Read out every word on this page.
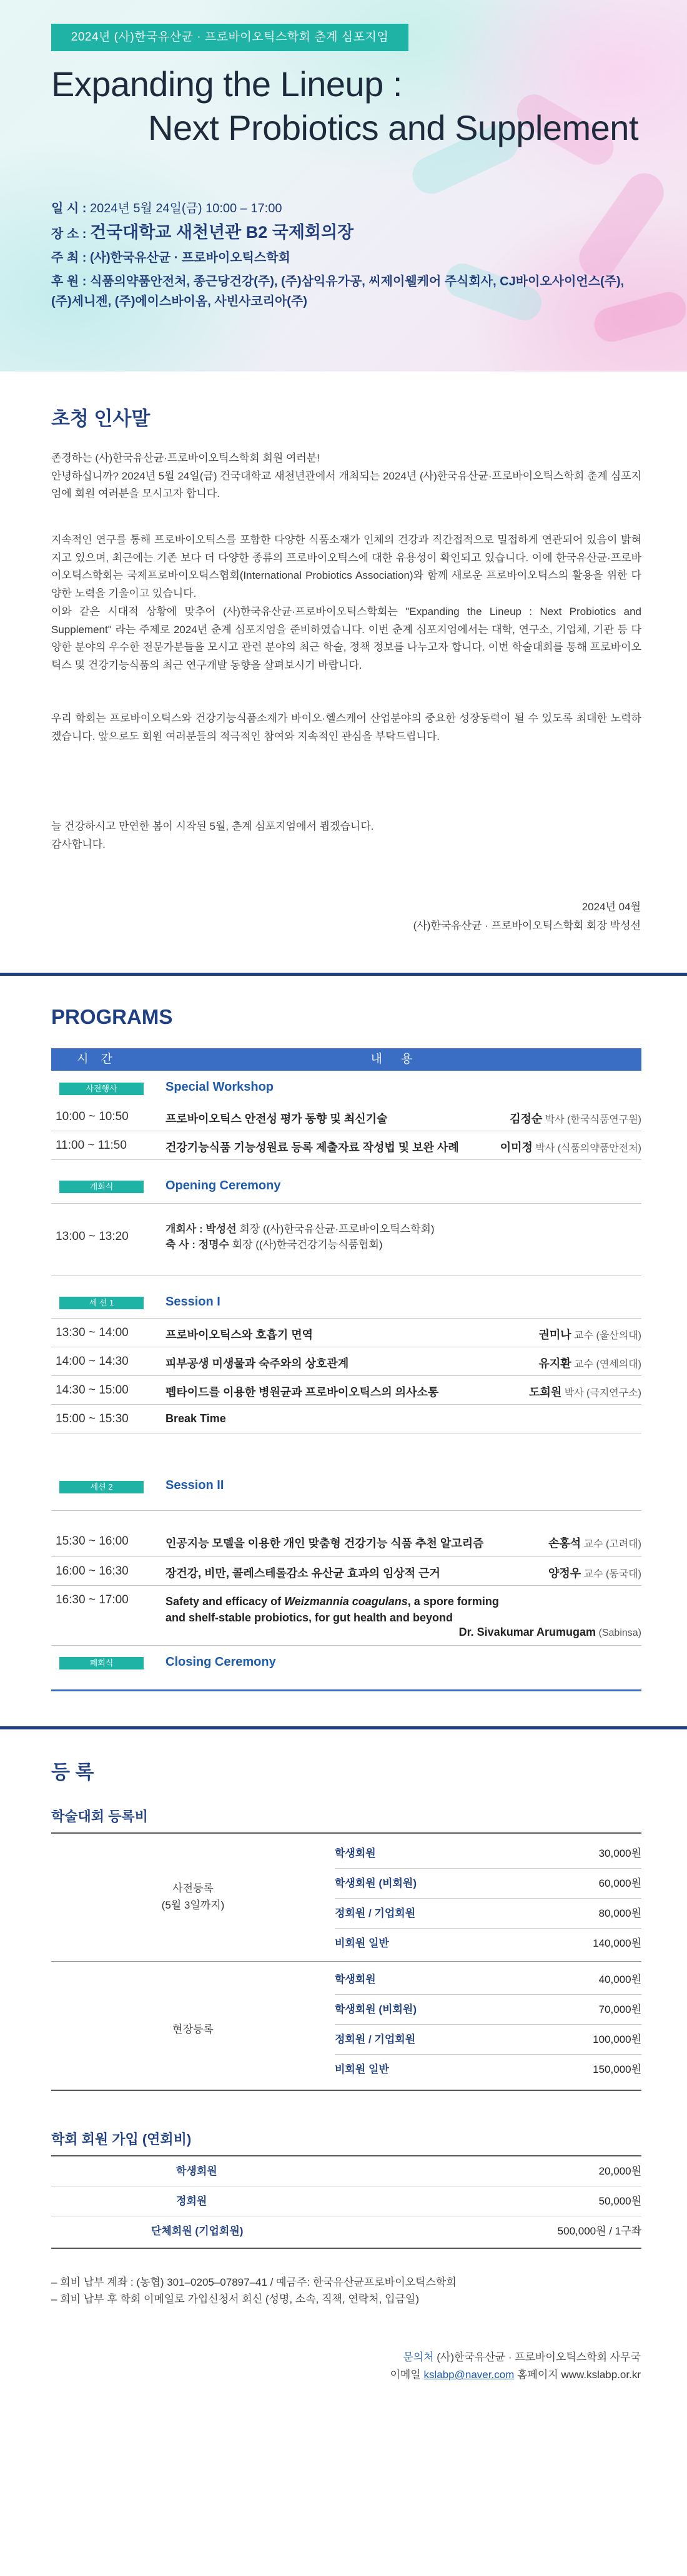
2024년 (사)한국유산균 · 프로바이오틱스학회 춘계 심포지엄
Expanding the Lineup :
Next Probiotics and Supplement
일 시 : 2024년 5월 24일(금) 10:00 – 17:00
장 소 : 건국대학교 새천년관 B2 국제회의장
주 최 : (사)한국유산균 · 프로바이오틱스학회
후 원 : 식품의약품안전처, 종근당건강(주), (주)삼익유가공, 씨제이웰케어 주식회사, CJ바이오사이언스(주),
(주)세니젠, (주)에이스바이옴, 사빈사코리아(주)
초청 인사말
존경하는 (사)한국유산균·프로바이오틱스학회 회원 여러분!
안녕하십니까? 2024년 5월 24일(금) 건국대학교 새천년관에서 개최되는 2024년 (사)한국유산균·프로바이오틱스학회 춘계 심포지엄에 회원 여러분을 모시고자 합니다.
지속적인 연구를 통해 프로바이오틱스를 포함한 다양한 식품소재가 인체의 건강과 직간접적으로 밀접하게 연관되어 있음이 밝혀지고 있으며, 최근에는 기존 보다 더 다양한 종류의 프로바이오틱스에 대한 유용성이 확인되고 있습니다. 이에 한국유산균·프로바이오틱스학회는 국제프로바이오틱스협회(International Probiotics Association)와 함께 새로운 프로바이오틱스의 활용을 위한 다양한 노력을 기울이고 있습니다.
이와 같은 시대적 상황에 맞추어 (사)한국유산균·프로바이오틱스학회는 "Expanding the Lineup : Next Probiotics and Supplement" 라는 주제로 2024년 춘계 심포지엄을 준비하였습니다. 이번 춘계 심포지엄에서는 대학, 연구소, 기업체, 기관 등 다양한 분야의 우수한 전문가분들을 모시고 관련 분야의 최근 학술, 정책 정보를 나누고자 합니다. 이번 학술대회를 통해 프로바이오틱스 및 건강기능식품의 최근 연구개발 동향을 살펴보시기 바랍니다.
우리 학회는 프로바이오틱스와 건강기능식품소재가 바이오·헬스케어 산업분야의 중요한 성장동력이 될 수 있도록 최대한 노력하겠습니다. 앞으로도 회원 여러분들의 적극적인 참여와 지속적인 관심을 부탁드립니다.
늘 건강하시고 만연한 봄이 시작된 5월, 춘계 심포지엄에서 뵙겠습니다.
감사합니다.
2024년 04월
(사)한국유산균 · 프로바이오틱스학회 회장 박성선
PROGRAMS
시간	내용
사전행사	Special Workshop
10:00 ~ 10:50	프로바이오틱스 안전성 평가 동향 및 최신기술	김정순 박사 (한국식품연구원)
11:00 ~ 11:50	건강기능식품 기능성원료 등록 제출자료 작성법 및 보완 사례	이미정 박사 (식품의약품안전처)
개회식	Opening Ceremony
13:00 ~ 13:20
개회사 : 박성선 회장 ((사)한국유산균·프로바이오틱스학회)
축 사 : 정명수 회장 ((사)한국건강기능식품협회)
세 션 1	Session I
13:30 ~ 14:00	프로바이오틱스와 호흡기 면역	권미나 교수 (울산의대)
14:00 ~ 14:30	피부공생 미생물과 숙주와의 상호관계	유지환 교수 (연세의대)
14:30 ~ 15:00	펩타이드를 이용한 병원균과 프로바이오틱스의 의사소통	도희원 박사 (극지연구소)
15:00 ~ 15:30	Break Time
세션 2	Session II
15:30 ~ 16:00	인공지능 모델을 이용한 개인 맞춤형 건강기능 식품 추천 알고리즘	손홍석 교수 (고려대)
16:00 ~ 16:30	장건강, 비만, 콜레스테롤감소 유산균 효과의 임상적 근거	양정우 교수 (동국대)
16:30 ~ 17:00	Safety and efficacy of Weizmannia coagulans, a spore forming
and shelf-stable probiotics, for gut health and beyond
Dr. Sivakumar Arumugam (Sabinsa)
폐회식	Closing Ceremony
등 록
학술대회 등록비
사전등록
(5월 3일까지)
학생회원	30,000원
학생회원 (비회원)	60,000원
정회원 / 기업회원	80,000원
비회원 일반	140,000원
현장등록
학생회원	40,000원
학생회원 (비회원)	70,000원
정회원 / 기업회원	100,000원
비회원 일반	150,000원
학회 회원 가입 (연회비)
학생회원	20,000원
정회원	50,000원
단체회원 (기업회원)	500,000원 / 1구좌
– 회비 납부 계좌 : (농협) 301–0205–07897–41 / 예금주: 한국유산균프로바이오틱스학회
– 회비 납부 후 학회 이메일로 가입신청서 회신 (성명, 소속, 직책, 연락처, 입금일)
문의처 (사)한국유산균 · 프로바이오틱스학회 사무국
이메일 kslabp@naver.com 홈페이지 www.kslabp.or.kr
